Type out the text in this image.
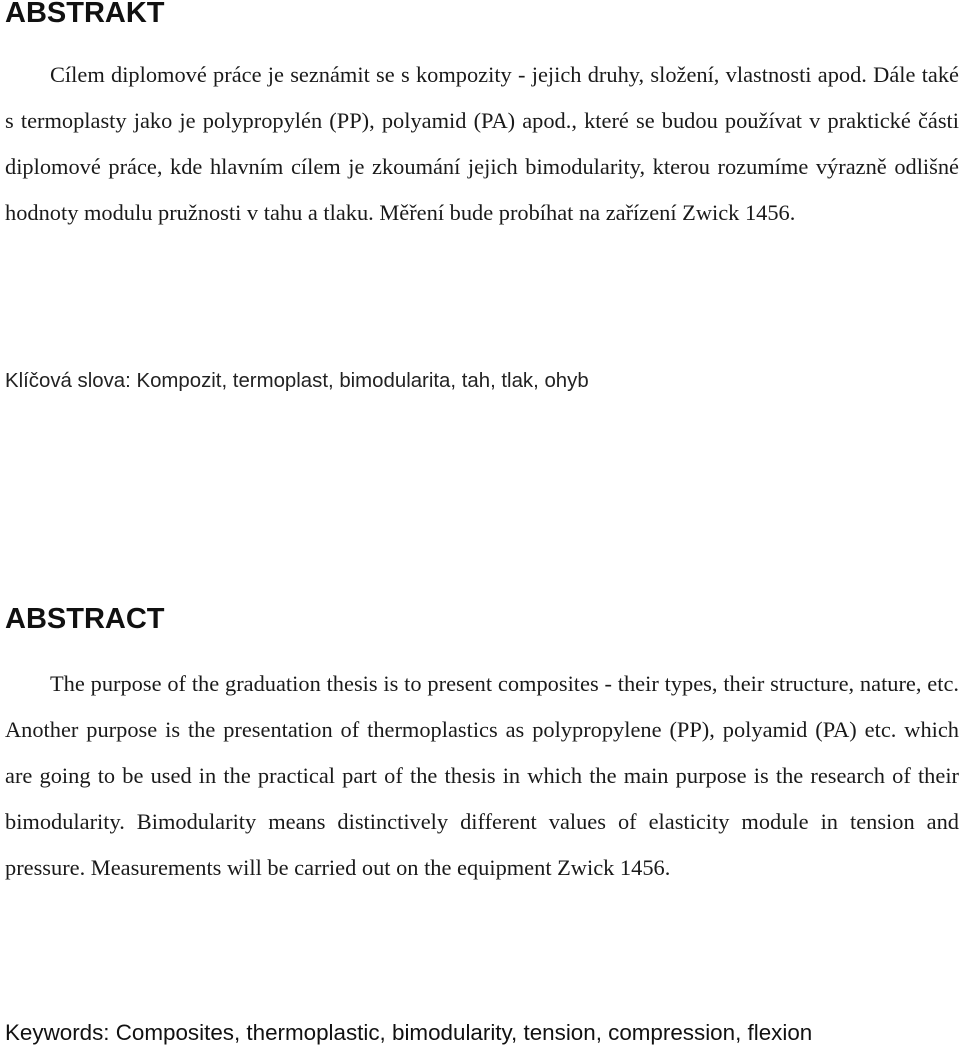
ABSTRAKT

Cílem diplomové práce je seznámit se s kompozity - jejich druhy, složení, vlastnosti apod. Dále také s termoplasty jako je polypropylén (PP), polyamid (PA) apod., které se budou používat v praktické části diplomové práce, kde hlavním cílem je zkoumání jejich bimodularity, kterou rozumíme výrazně odlišné hodnoty modulu pružnosti v tahu a tlaku. Měření bude probíhat na zařízení Zwick 1456.

Klíčová slova: Kompozit, termoplast, bimodularita, tah, tlak, ohyb

ABSTRACT

The purpose of the graduation thesis is to present composites - their types, their structure, nature, etc. Another purpose is the presentation of thermoplastics as polypropylene (PP), polyamid (PA) etc. which are going to be used in the practical part of the thesis in which the main purpose is the research of their bimodularity. Bimodularity means distinctively different values of elasticity module in tension and pressure. Measurements will be carried out on the equipment Zwick 1456.

Keywords: Composites, thermoplastic, bimodularity, tension, compression, flexion
